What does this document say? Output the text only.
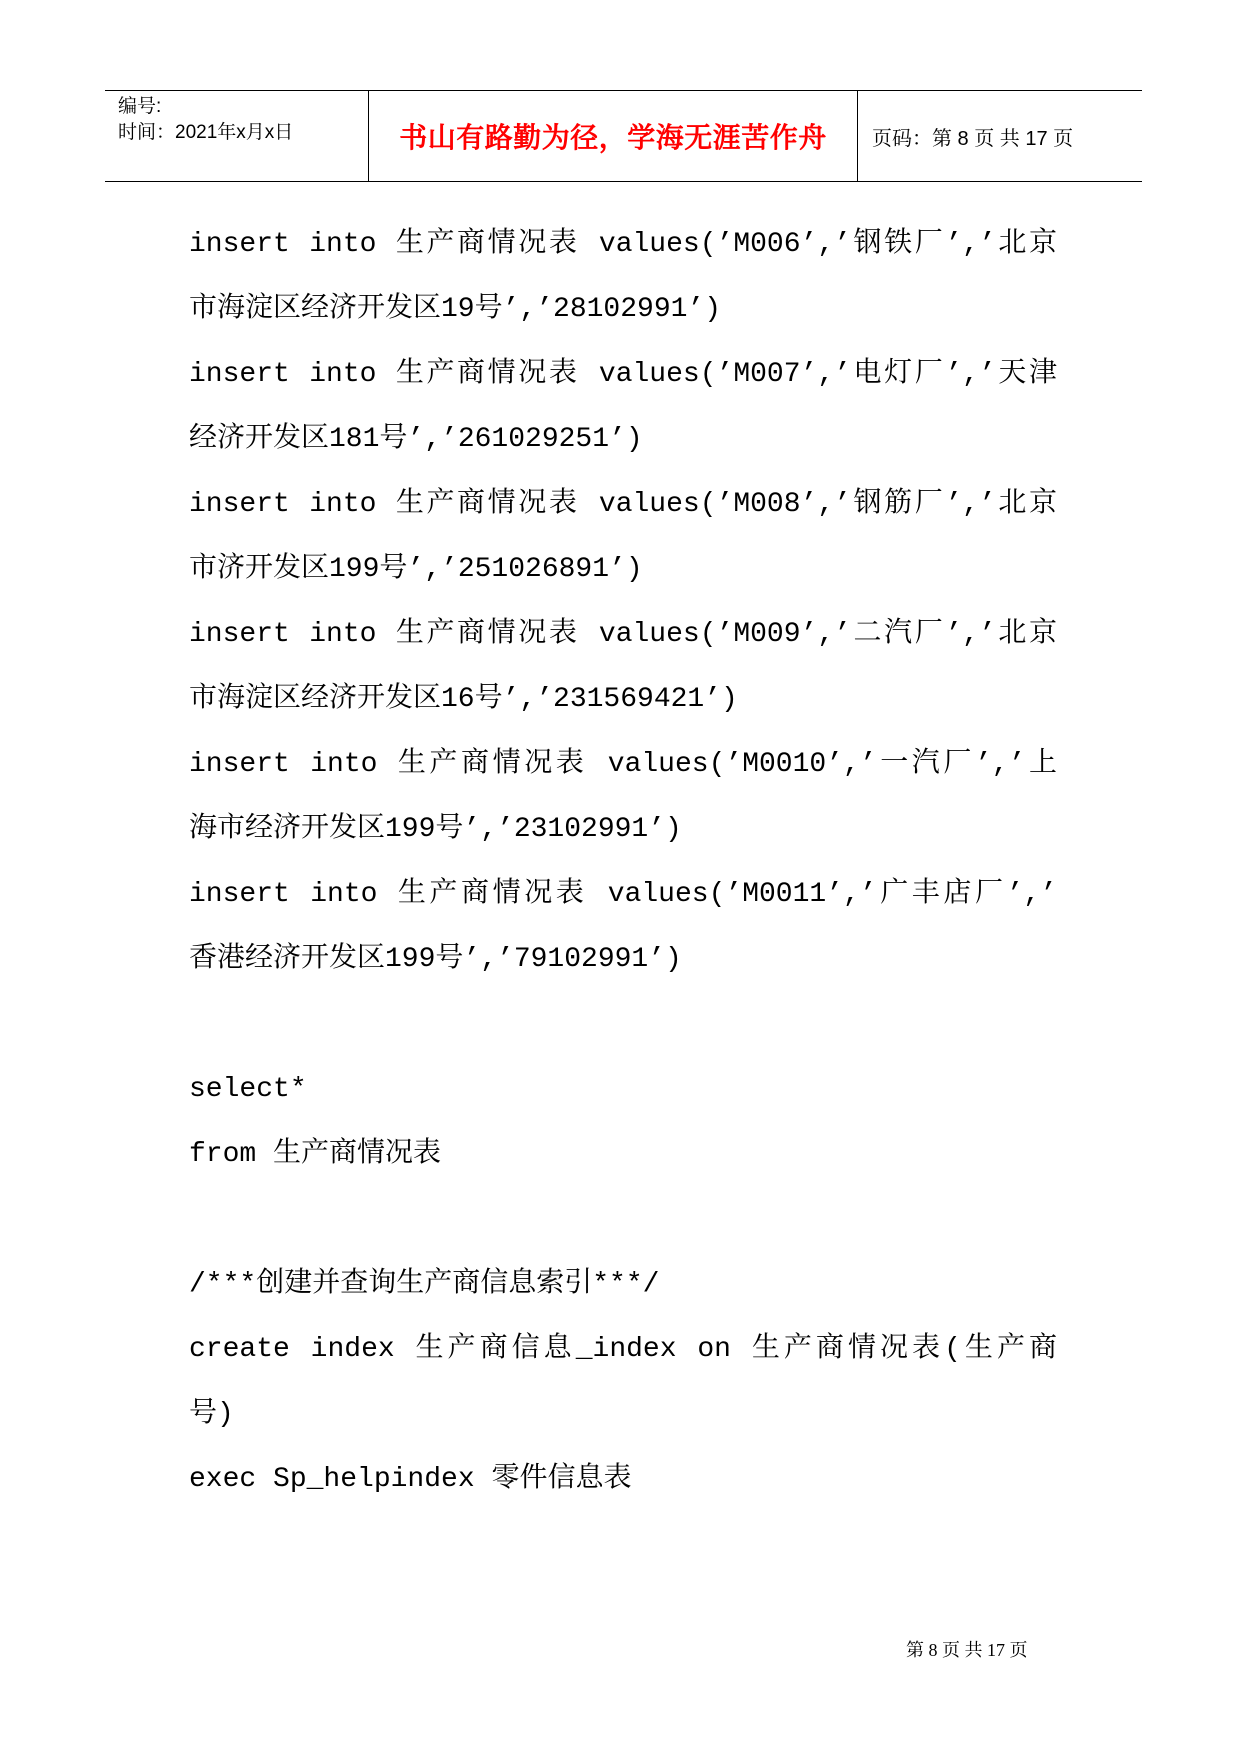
编号:
时间：2021年x月x日	书山有路勤为径，学海无涯苦作舟 页码：第 8 页 共 17 页
insert into 生产商情况表 values(’M006’,’钢铁厂’,’北京
市海淀区经济开发区19号’,’28102991’)
insert into 生产商情况表 values(’M007’,’电灯厂’,’天津
经济开发区181号’,’261029251’)
insert into 生产商情况表 values(’M008’,’钢筋厂’,’北京
市济开发区199号’,’251026891’)
insert into 生产商情况表 values(’M009’,’二汽厂’,’北京
市海淀区经济开发区16号’,’231569421’)
insert into 生产商情况表 values(’M0010’,’一汽厂’,’上
海市经济开发区199号’,’23102991’)
insert into 生产商情况表 values(’M0011’,’广丰店厂’,’
香港经济开发区199号’,’79102991’)
select*
from 生产商情况表
/***创建并查询生产商信息索引***/
create index 生产商信息_index on 生产商情况表(生产商
号)
exec Sp_helpindex 零件信息表
第 8 页 共 17 页
